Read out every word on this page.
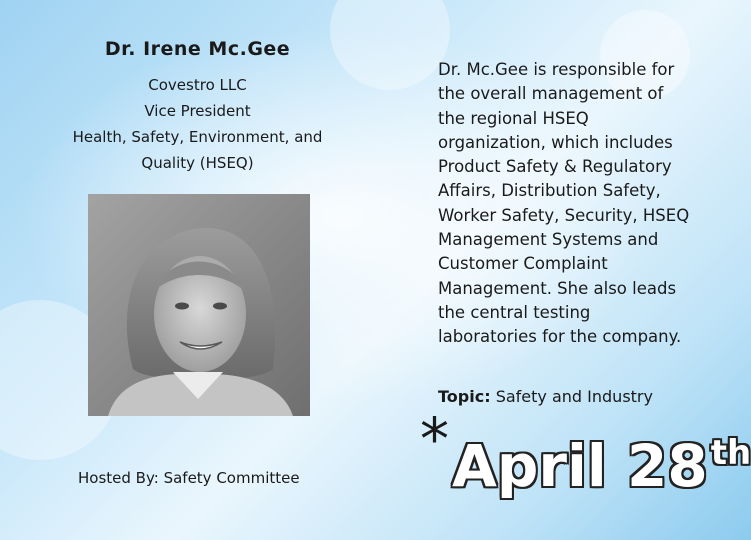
Dr. Irene Mc.Gee
Covestro LLC
Vice President
Health, Safety, Environment, and
Quality (HSEQ)
Dr. Mc.Gee is responsible for
the overall management of
the regional HSEQ
organization, which includes
Product Safety & Regulatory
Affairs, Distribution Safety,
Worker Safety, Security, HSEQ
Management Systems and
Customer Complaint
Management. She also leads
the central testing
laboratories for the company.
Topic: Safety and Industry
Hosted By: Safety Committee
* April 28th
